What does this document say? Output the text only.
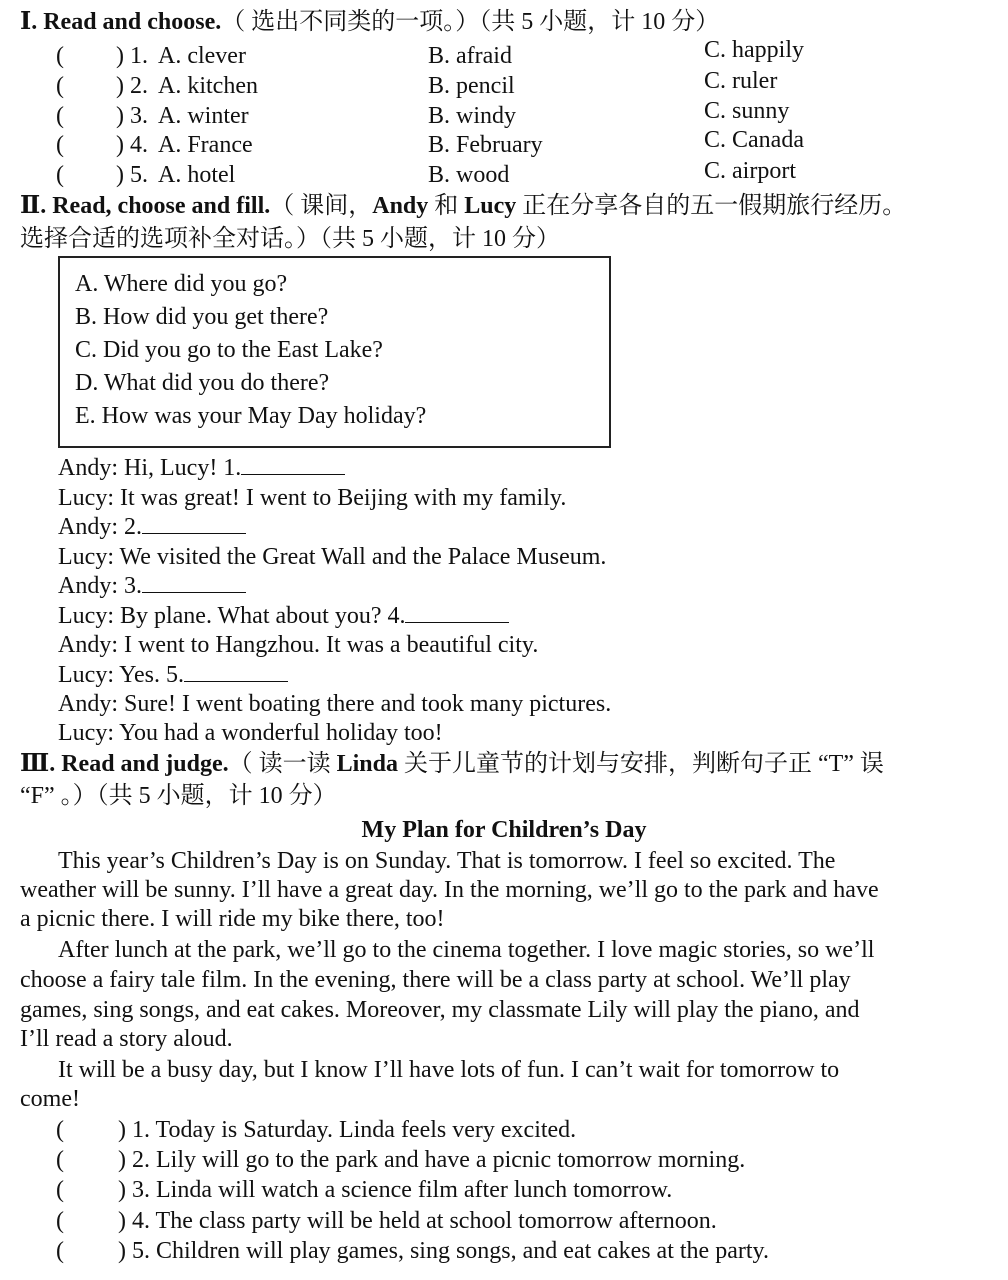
Ⅰ. Read and choose.（ 选出不同类的一项。）（共 5 小题，计 10 分）
( ) 1. A. clever	B. afraid	C. happily
( ) 2. A. kitchen	B. pencil	C. ruler
( ) 3. A. winter	B. windy	C. sunny
( ) 4. A. France	B. February	C. Canada
( ) 5. A. hotel	B. wood	C. airport
Ⅱ. Read, choose and fill.（ 课间，Andy 和 Lucy 正在分享各自的五一假期旅行经历。
选择合适的选项补全对话。）（共 5 小题，计 10 分）
A. Where did you go?
B. How did you get there?
C. Did you go to the East Lake?
D. What did you do there?
E. How was your May Day holiday?
Andy: Hi, Lucy! 1.
Lucy: It was great! I went to Beijing with my family.
Andy: 2.
Lucy: We visited the Great Wall and the Palace Museum.
Andy: 3.
Lucy: By plane. What about you? 4.
Andy: I went to Hangzhou. It was a beautiful city.
Lucy: Yes. 5.
Andy: Sure! I went boating there and took many pictures.
Lucy: You had a wonderful holiday too!
Ⅲ. Read and judge.（ 读一读 Linda 关于儿童节的计划与安排，判断句子正 “T” 误
“F” 。）（共 5 小题，计 10 分）
My Plan for Children’s Day
This year’s Children’s Day is on Sunday. That is tomorrow. I feel so excited. The
weather will be sunny. I’ll have a great day. In the morning, we’ll go to the park and have
a picnic there. I will ride my bike there, too!
After lunch at the park, we’ll go to the cinema together. I love magic stories, so we’ll
choose a fairy tale film. In the evening, there will be a class party at school. We’ll play
games, sing songs, and eat cakes. Moreover, my classmate Lily will play the piano, and
I’ll read a story aloud.
It will be a busy day, but I know I’ll have lots of fun. I can’t wait for tomorrow to
come!
( ) 1. Today is Saturday. Linda feels very excited.
( ) 2. Lily will go to the park and have a picnic tomorrow morning.
( ) 3. Linda will watch a science film after lunch tomorrow.
( ) 4. The class party will be held at school tomorrow afternoon.
( ) 5. Children will play games, sing songs, and eat cakes at the party.
